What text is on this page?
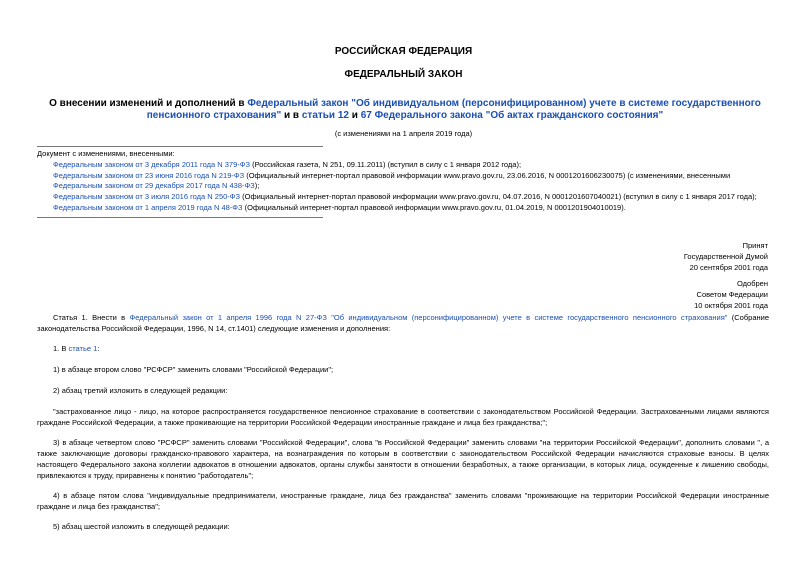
РОССИЙСКАЯ ФЕДЕРАЦИЯ
ФЕДЕРАЛЬНЫЙ ЗАКОН
О внесении изменений и дополнений в Федеральный закон "Об индивидуальном (персонифицированном) учете в системе государственного пенсионного страхования" и в статьи 12 и 67 Федерального закона "Об актах гражданского состояния"
(с изменениями на 1 апреля 2019 года)

Документ с изменениями, внесенными:

Федеральным законом от 3 декабря 2011 года N 379-ФЗ (Российская газета, N 251, 09.11.2011) (вступил в силу с 1 января 2012 года);

Федеральным законом от 23 июня 2016 года N 219-ФЗ (Официальный интернет-портал правовой информации www.pravo.gov.ru, 23.06.2016, N 0001201606230075) (с изменениями, внесенными Федеральным законом от 29 декабря 2017 года N 438-ФЗ);

Федеральным законом от 3 июля 2016 года N 250-ФЗ (Официальный интернет-портал правовой информации www.pravo.gov.ru, 04.07.2016, N 0001201607040021) (вступил в силу с 1 января 2017 года);

Федеральным законом от 1 апреля 2019 года N 48-ФЗ (Официальный интернет-портал правовой информации www.pravo.gov.ru, 01.04.2019, N 0001201904010019).

Принят
Государственной Думой
20 сентября 2001 года
Одобрен
Советом Федерации
10 октября 2001 года

Статья 1. Внести в Федеральный закон от 1 апреля 1996 года N 27-ФЗ "Об индивидуальном (персонифицированном) учете в системе государственного пенсионного страхования" (Собрание законодательства Российской Федерации, 1996, N 14, ст.1401) следующие изменения и дополнения:

1. В статье 1:

1) в абзаце втором слово "РСФСР" заменить словами "Российской Федерации";

2) абзац третий изложить в следующей редакции:

"застрахованное лицо - лицо, на которое распространяется государственное пенсионное страхование в соответствии с законодательством Российской Федерации. Застрахованными лицами являются граждане Российской Федерации, а также проживающие на территории Российской Федерации иностранные граждане и лица без гражданства;";

3) в абзаце четвертом слово "РСФСР" заменить словами "Российской Федерации", слова "в Российской Федерации" заменить словами "на территории Российской Федерации", дополнить словами ", а также заключающие договоры гражданско-правового характера, на вознаграждения по которым в соответствии с законодательством Российской Федерации начисляются страховые взносы. В целях настоящего Федерального закона коллегии адвокатов в отношении адвокатов, органы службы занятости в отношении безработных, а также организации, в которых лица, осужденные к лишению свободы, привлекаются к труду, приравнены к понятию "работодатель";

4) в абзаце пятом слова "индивидуальные предприниматели, иностранные граждане, лица без гражданства" заменить словами "проживающие на территории Российской Федерации иностранные граждане и лица без гражданства";

5) абзац шестой изложить в следующей редакции:
